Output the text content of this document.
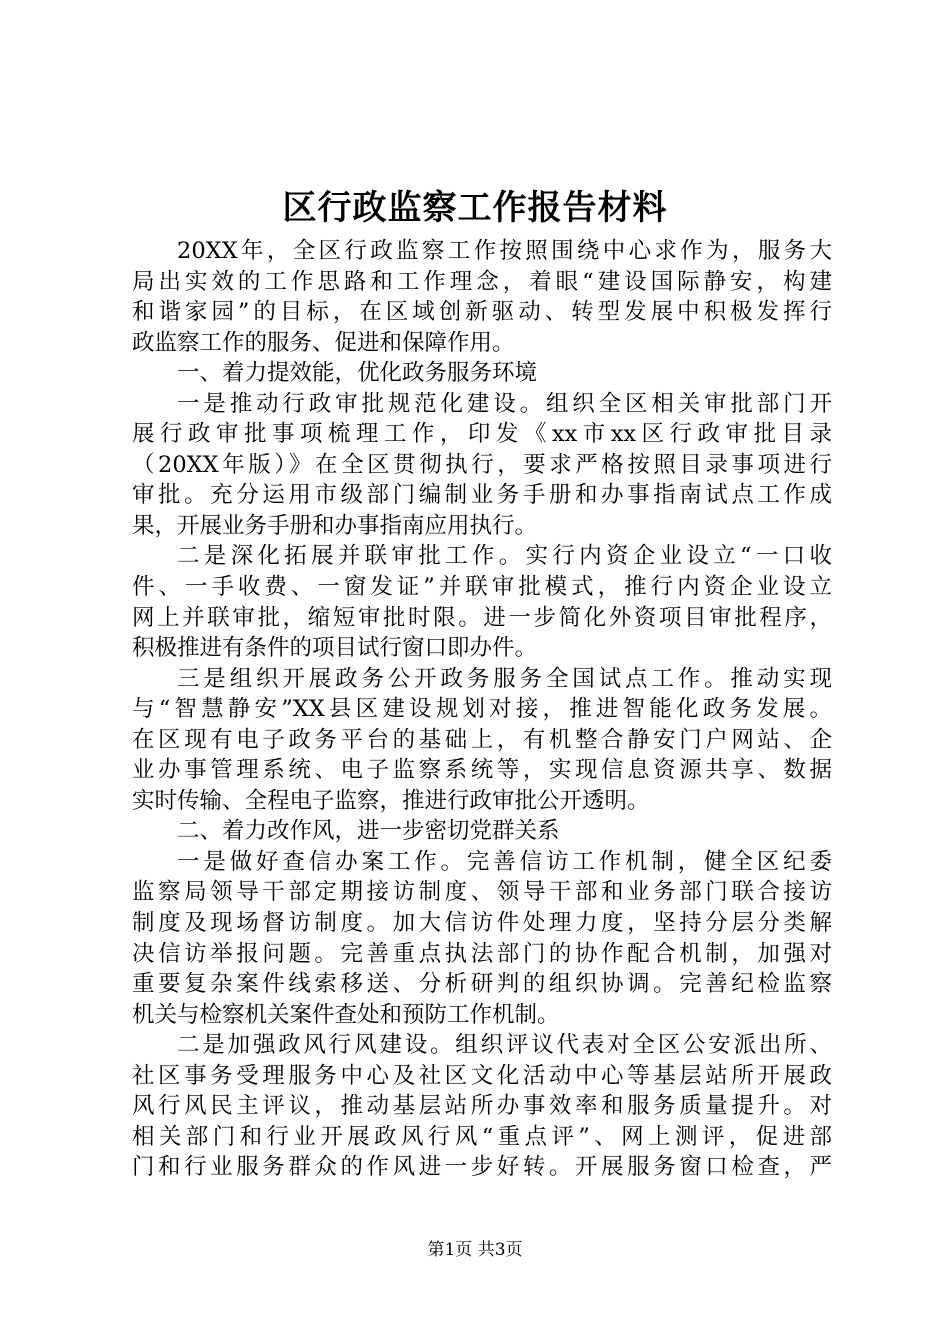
区行政监察工作报告材料
20XX年，全区行政监察工作按照围绕中心求作为，服务大
局出实效的工作思路和工作理念，着眼“建设国际静安，构建
和谐家园”的目标，在区域创新驱动、转型发展中积极发挥行
政监察工作的服务、促进和保障作用。
一、着力提效能，优化政务服务环境
一是推动行政审批规范化建设。组织全区相关审批部门开
展行政审批事项梳理工作，印发《xx市xx区行政审批目录
（20XX年版）》在全区贯彻执行，要求严格按照目录事项进行
审批。充分运用市级部门编制业务手册和办事指南试点工作成
果，开展业务手册和办事指南应用执行。
二是深化拓展并联审批工作。实行内资企业设立“一口收
件、一手收费、一窗发证”并联审批模式，推行内资企业设立
网上并联审批，缩短审批时限。进一步简化外资项目审批程序，
积极推进有条件的项目试行窗口即办件。
三是组织开展政务公开政务服务全国试点工作。推动实现
与“智慧静安”XX县区建设规划对接，推进智能化政务发展。
在区现有电子政务平台的基础上，有机整合静安门户网站、企
业办事管理系统、电子监察系统等，实现信息资源共享、数据
实时传输、全程电子监察，推进行政审批公开透明。
二、着力改作风，进一步密切党群关系
一是做好查信办案工作。完善信访工作机制，健全区纪委
监察局领导干部定期接访制度、领导干部和业务部门联合接访
制度及现场督访制度。加大信访件处理力度，坚持分层分类解
决信访举报问题。完善重点执法部门的协作配合机制，加强对
重要复杂案件线索移送、分析研判的组织协调。完善纪检监察
机关与检察机关案件查处和预防工作机制。
二是加强政风行风建设。组织评议代表对全区公安派出所、
社区事务受理服务中心及社区文化活动中心等基层站所开展政
风行风民主评议，推动基层站所办事效率和服务质量提升。对
相关部门和行业开展政风行风“重点评”、网上测评，促进部
门和行业服务群众的作风进一步好转。开展服务窗口检查，严
第1页 共3页
